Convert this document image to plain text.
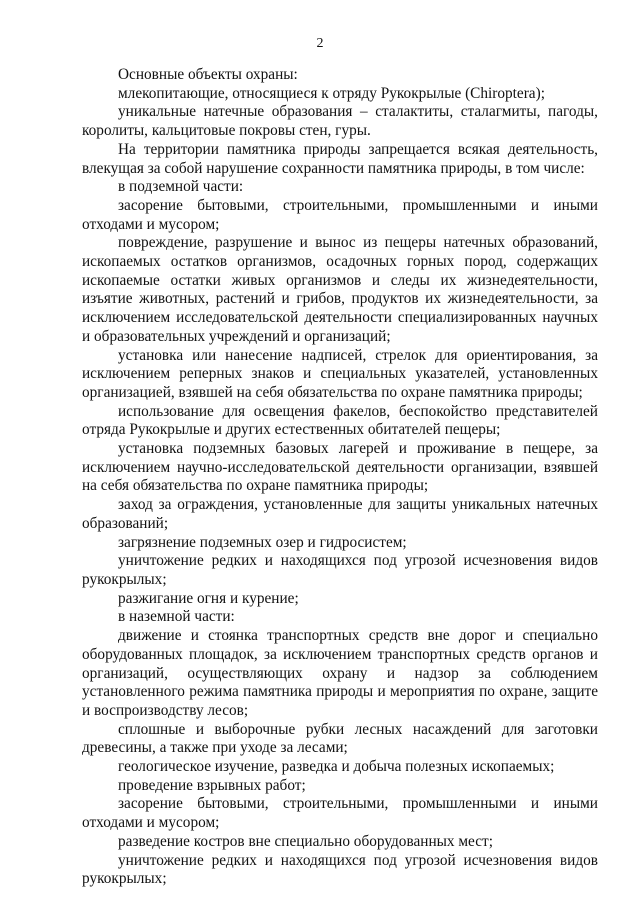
2

Основные объекты охраны:

млекопитающие, относящиеся к отряду Рукокрылые (Chiroptera);

уникальные натечные образования – сталактиты, сталагмиты, пагоды, королиты, кальцитовые покровы стен, гуры.

На территории памятника природы запрещается всякая деятельность, влекущая за собой нарушение сохранности памятника природы, в том числе:

в подземной части:

засорение бытовыми, строительными, промышленными и иными отходами и мусором;

повреждение, разрушение и вынос из пещеры натечных образований, ископаемых остатков организмов, осадочных горных пород, содержащих ископаемые остатки живых организмов и следы их жизнедеятельности, изъятие животных, растений и грибов, продуктов их жизнедеятельности, за исключением исследовательской деятельности специализированных научных и образовательных учреждений и организаций;

установка или нанесение надписей, стрелок для ориентирования, за исключением реперных знаков и специальных указателей, установленных организацией, взявшей на себя обязательства по охране памятника природы;

использование для освещения факелов, беспокойство представителей отряда Рукокрылые и других естественных обитателей пещеры;

установка подземных базовых лагерей и проживание в пещере, за исключением научно-исследовательской деятельности организации, взявшей на себя обязательства по охране памятника природы;

заход за ограждения, установленные для защиты уникальных натечных образований;

загрязнение подземных озер и гидросистем;

уничтожение редких и находящихся под угрозой исчезновения видов рукокрылых;

разжигание огня и курение;

в наземной части:

движение и стоянка транспортных средств вне дорог и специально оборудованных площадок, за исключением транспортных средств органов и организаций, осуществляющих охрану и надзор за соблюдением установленного режима памятника природы и мероприятия по охране, защите и воспроизводству лесов;

сплошные и выборочные рубки лесных насаждений для заготовки древесины, а также при уходе за лесами;

геологическое изучение, разведка и добыча полезных ископаемых;

проведение взрывных работ;

засорение бытовыми, строительными, промышленными и иными отходами и мусором;

разведение костров вне специально оборудованных мест;

уничтожение редких и находящихся под угрозой исчезновения видов рукокрылых;
